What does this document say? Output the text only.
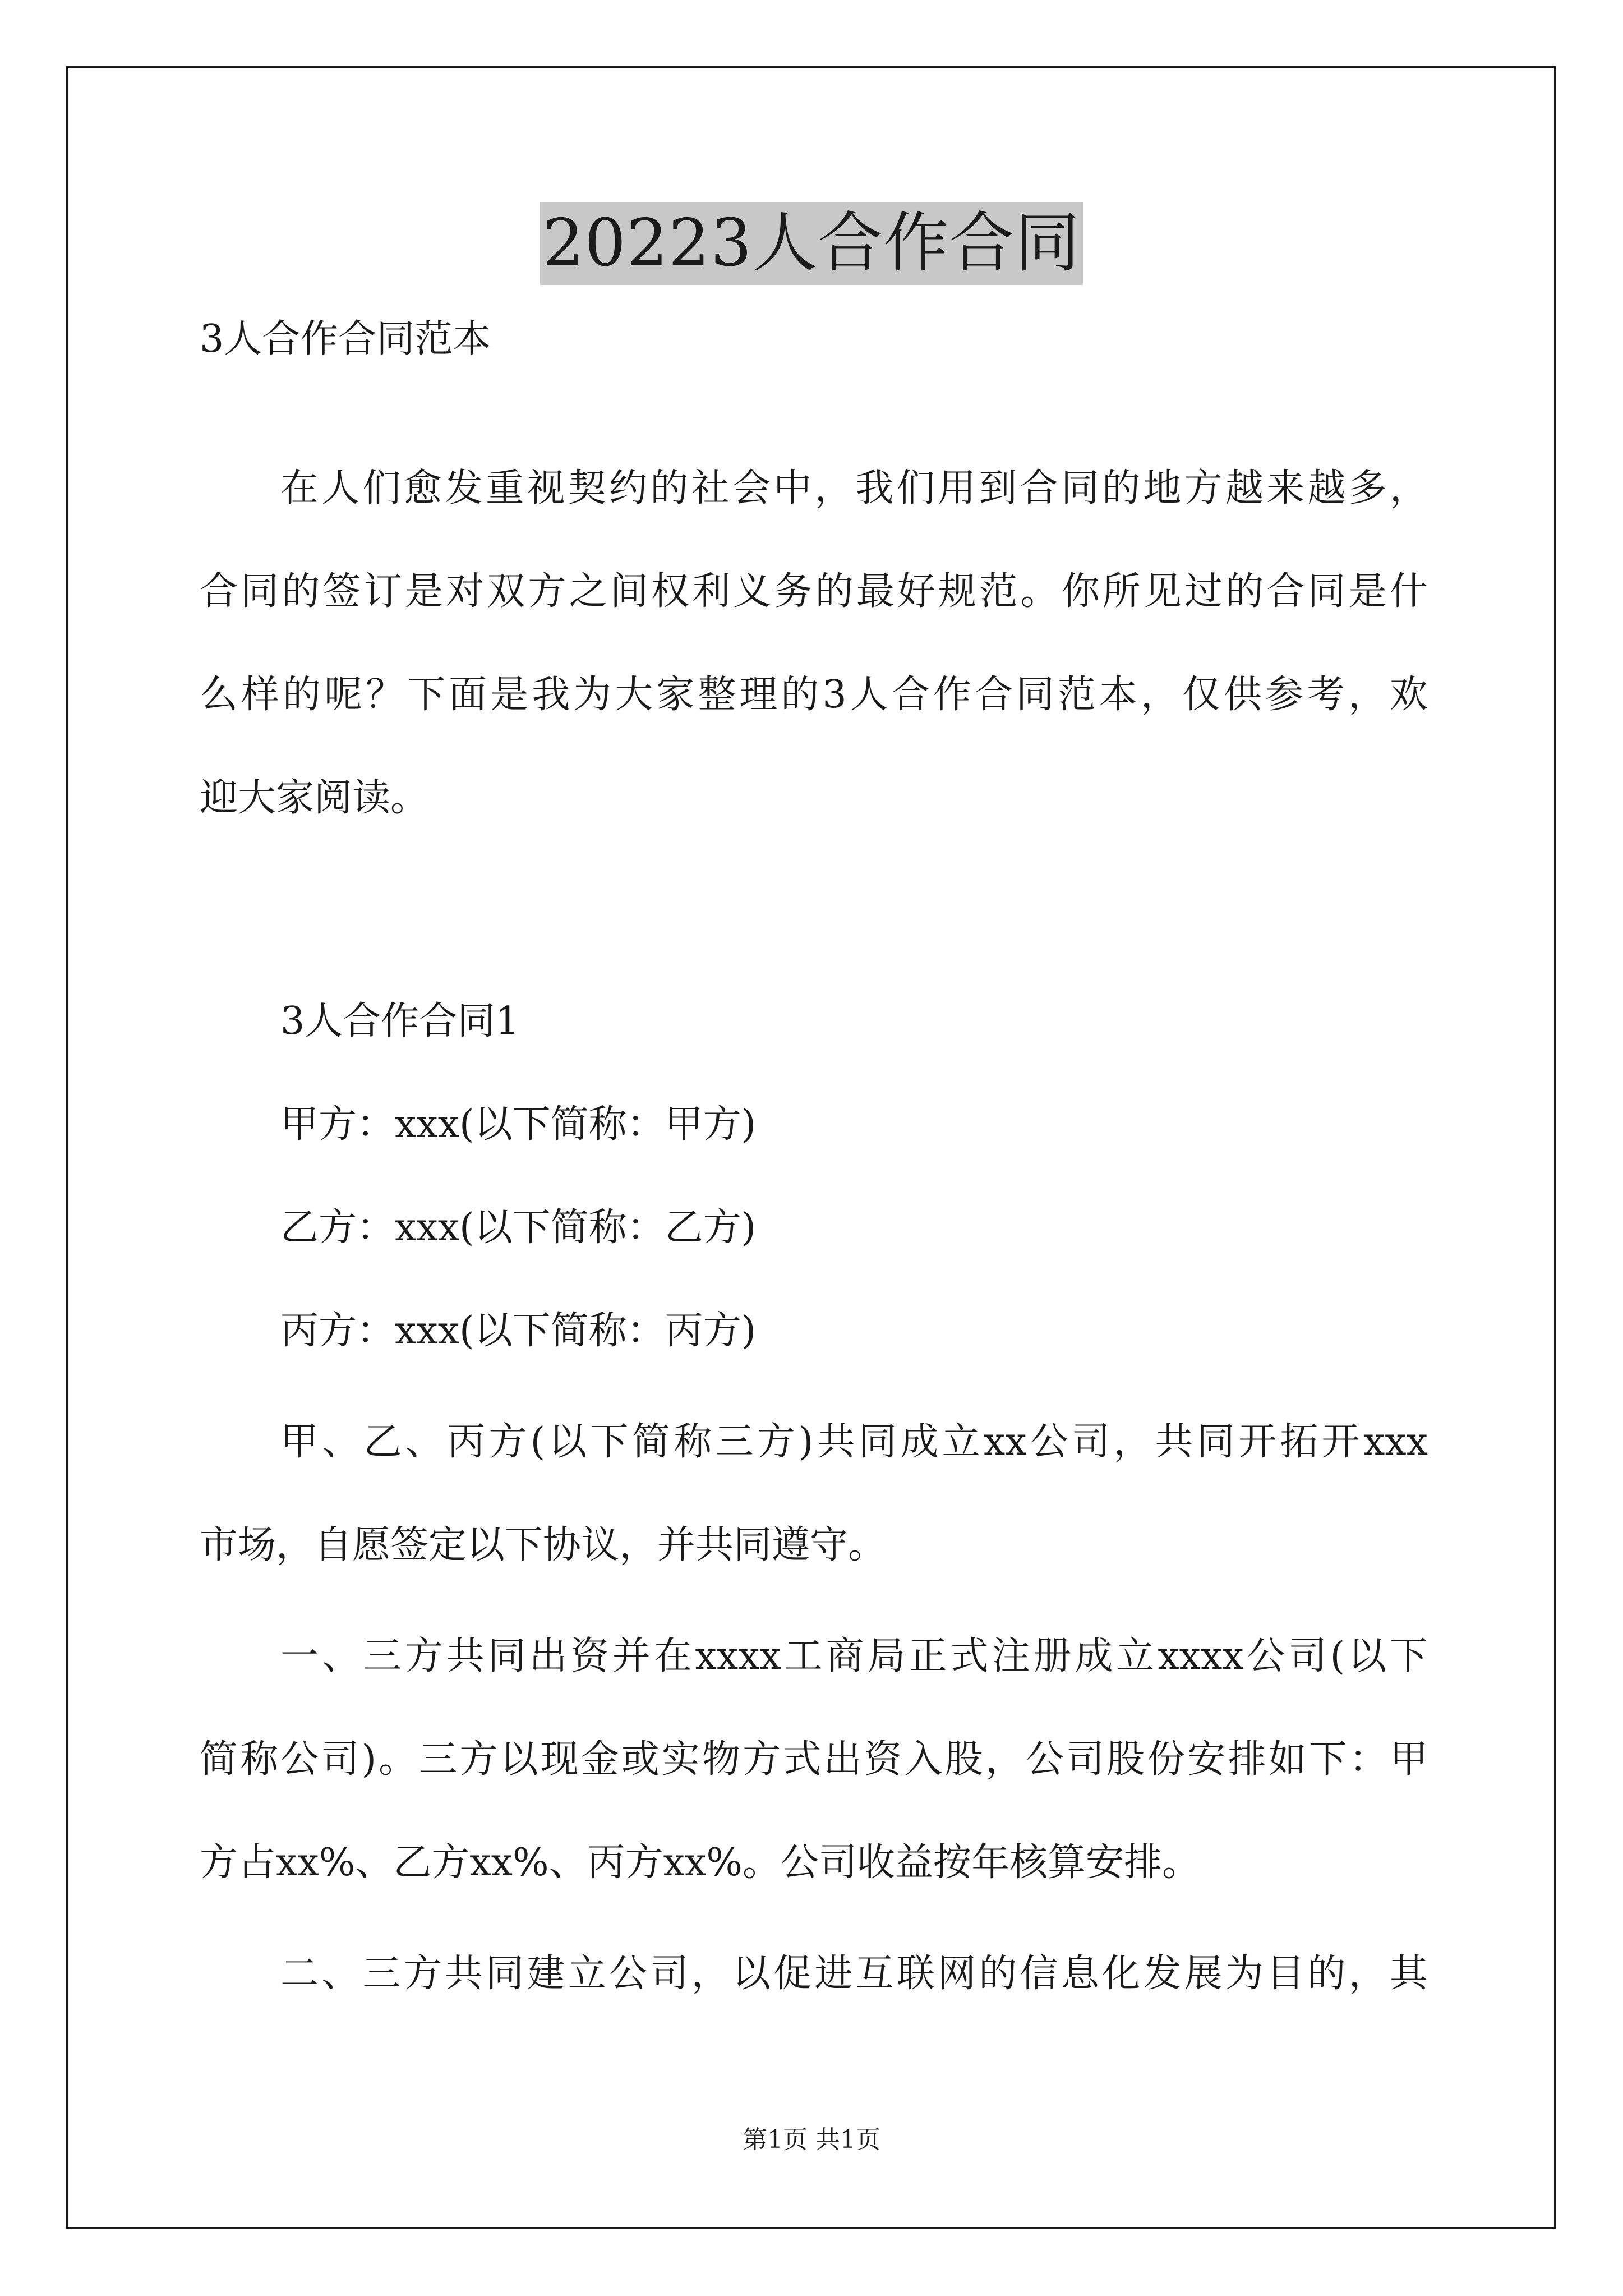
20223人合作合同
3人合作合同范本
在人们愈发重视契约的社会中，我们用到合同的地方越来越多，
合同的签订是对双方之间权利义务的最好规范。你所见过的合同是什
么样的呢？下面是我为大家整理的3人合作合同范本，仅供参考，欢
迎大家阅读。
3人合作合同1
甲方：xxx(以下简称：甲方)
乙方：xxx(以下简称：乙方)
丙方：xxx(以下简称：丙方)
甲、乙、丙方(以下简称三方)共同成立xx公司，共同开拓开xxx
市场，自愿签定以下协议，并共同遵守。
一、三方共同出资并在xxxx工商局正式注册成立xxxx公司(以下
简称公司)。三方以现金或实物方式出资入股，公司股份安排如下：甲
方占xx%、乙方xx%、丙方xx%。公司收益按年核算安排。
二、三方共同建立公司，以促进互联网的信息化发展为目的，其
第1页 共1页
